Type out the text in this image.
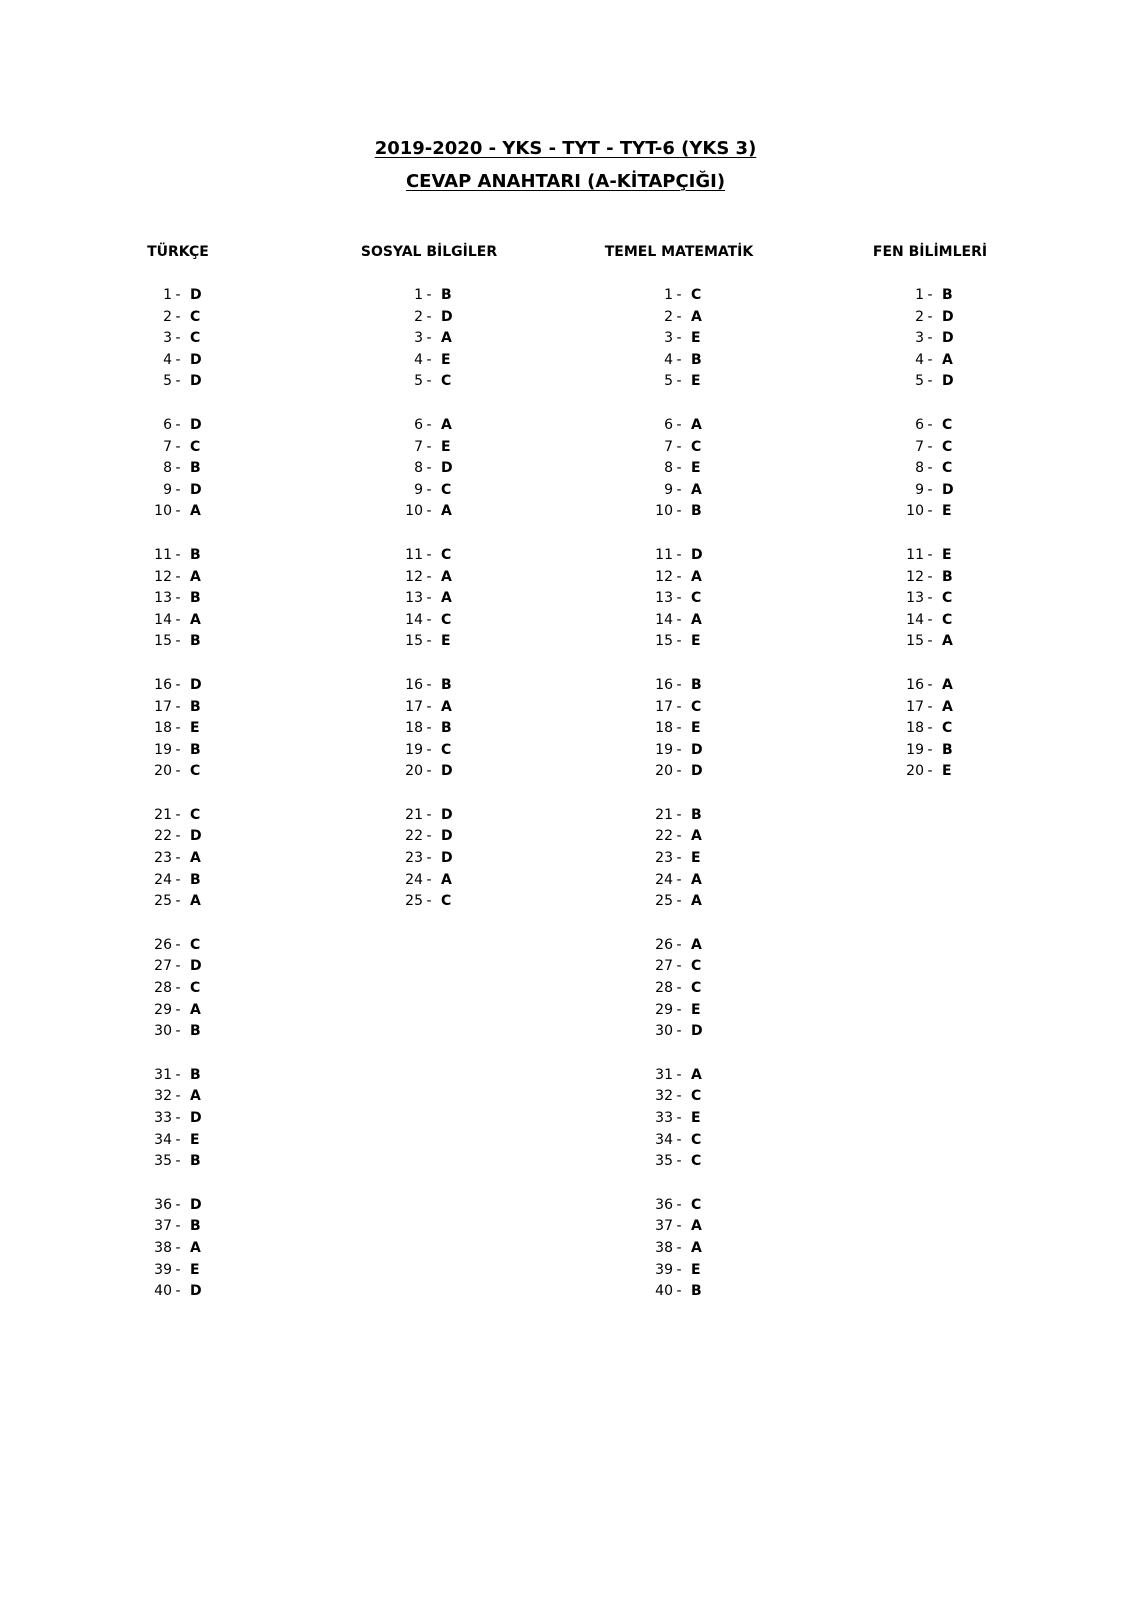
2019-2020 - YKS - TYT - TYT-6 (YKS 3)
CEVAP ANAHTARI (A-KİTAPÇIĞI)
TÜRKÇE
1 - D
2 - C
3 - C
4 - D
5 - D
6 - D
7 - C
8 - B
9 - D
10 - A
11 - B
12 - A
13 - B
14 - A
15 - B
16 - D
17 - B
18 - E
19 - B
20 - C
21 - C
22 - D
23 - A
24 - B
25 - A
26 - C
27 - D
28 - C
29 - A
30 - B
31 - B
32 - A
33 - D
34 - E
35 - B
36 - D
37 - B
38 - A
39 - E
40 - D
SOSYAL BİLGİLER
1 - B
2 - D
3 - A
4 - E
5 - C
6 - A
7 - E
8 - D
9 - C
10 - A
11 - C
12 - A
13 - A
14 - C
15 - E
16 - B
17 - A
18 - B
19 - C
20 - D
21 - D
22 - D
23 - D
24 - A
25 - C
TEMEL MATEMATİK
1 - C
2 - A
3 - E
4 - B
5 - E
6 - A
7 - C
8 - E
9 - A
10 - B
11 - D
12 - A
13 - C
14 - A
15 - E
16 - B
17 - C
18 - E
19 - D
20 - D
21 - B
22 - A
23 - E
24 - A
25 - A
26 - A
27 - C
28 - C
29 - E
30 - D
31 - A
32 - C
33 - E
34 - C
35 - C
36 - C
37 - A
38 - A
39 - E
40 - B
FEN BİLİMLERİ
1 - B
2 - D
3 - D
4 - A
5 - D
6 - C
7 - C
8 - C
9 - D
10 - E
11 - E
12 - B
13 - C
14 - C
15 - A
16 - A
17 - A
18 - C
19 - B
20 - E
